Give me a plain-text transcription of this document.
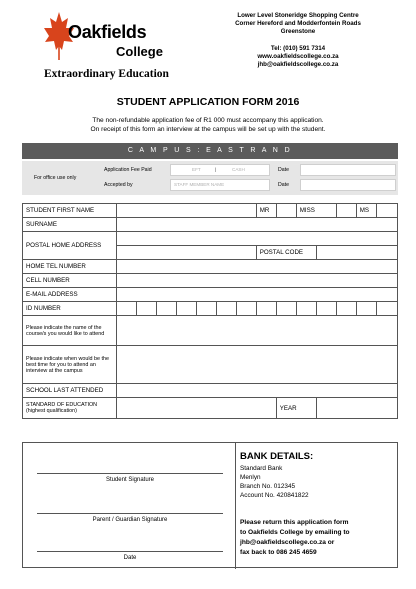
Oakfields
College
Extraordinary Education
Lower Level Stoneridge Shopping Centre
Corner Hereford and Modderfontein Roads
Greenstone
Tel: (010) 591 7314
www.oakfieldscollege.co.za
jhb@oakfieldscollege.co.za
STUDENT APPLICATION FORM 2016
The non-refundable application fee of R1 000 must accompany this application.
On receipt of this form an interview at the campus will be set up with the student.
C A M P U S : E A S T R A N D
For office use only
Application Fee Paid	EFT	|	CASH	Date
Accepted by	STAFF MEMBER NAME	Date
STUDENT FIRST NAME								MR		MISS			MS	
SURNAME														
POSTAL HOME ADDRESS														
								POSTAL CODE						
HOME TEL NUMBER														
CELL NUMBER														
E-MAIL ADDRESS														
ID NUMBER														
Please indicate the name of the course/s you would like to attend														
Please indicate when would be the best time for you to attend an interview at the campus														
SCHOOL LAST ATTENDED														
STANDARD OF EDUCATION (highest qualification)									YEAR					
Student Signature
Parent / Guardian Signature
Date
BANK DETAILS:
Standard Bank
Menlyn
Branch No. 012345
Account No. 420841822
Please return this application form
to Oakfields College by emailing to
jhb@oakfieldscollege.co.za or
fax back to 086 245 4659
